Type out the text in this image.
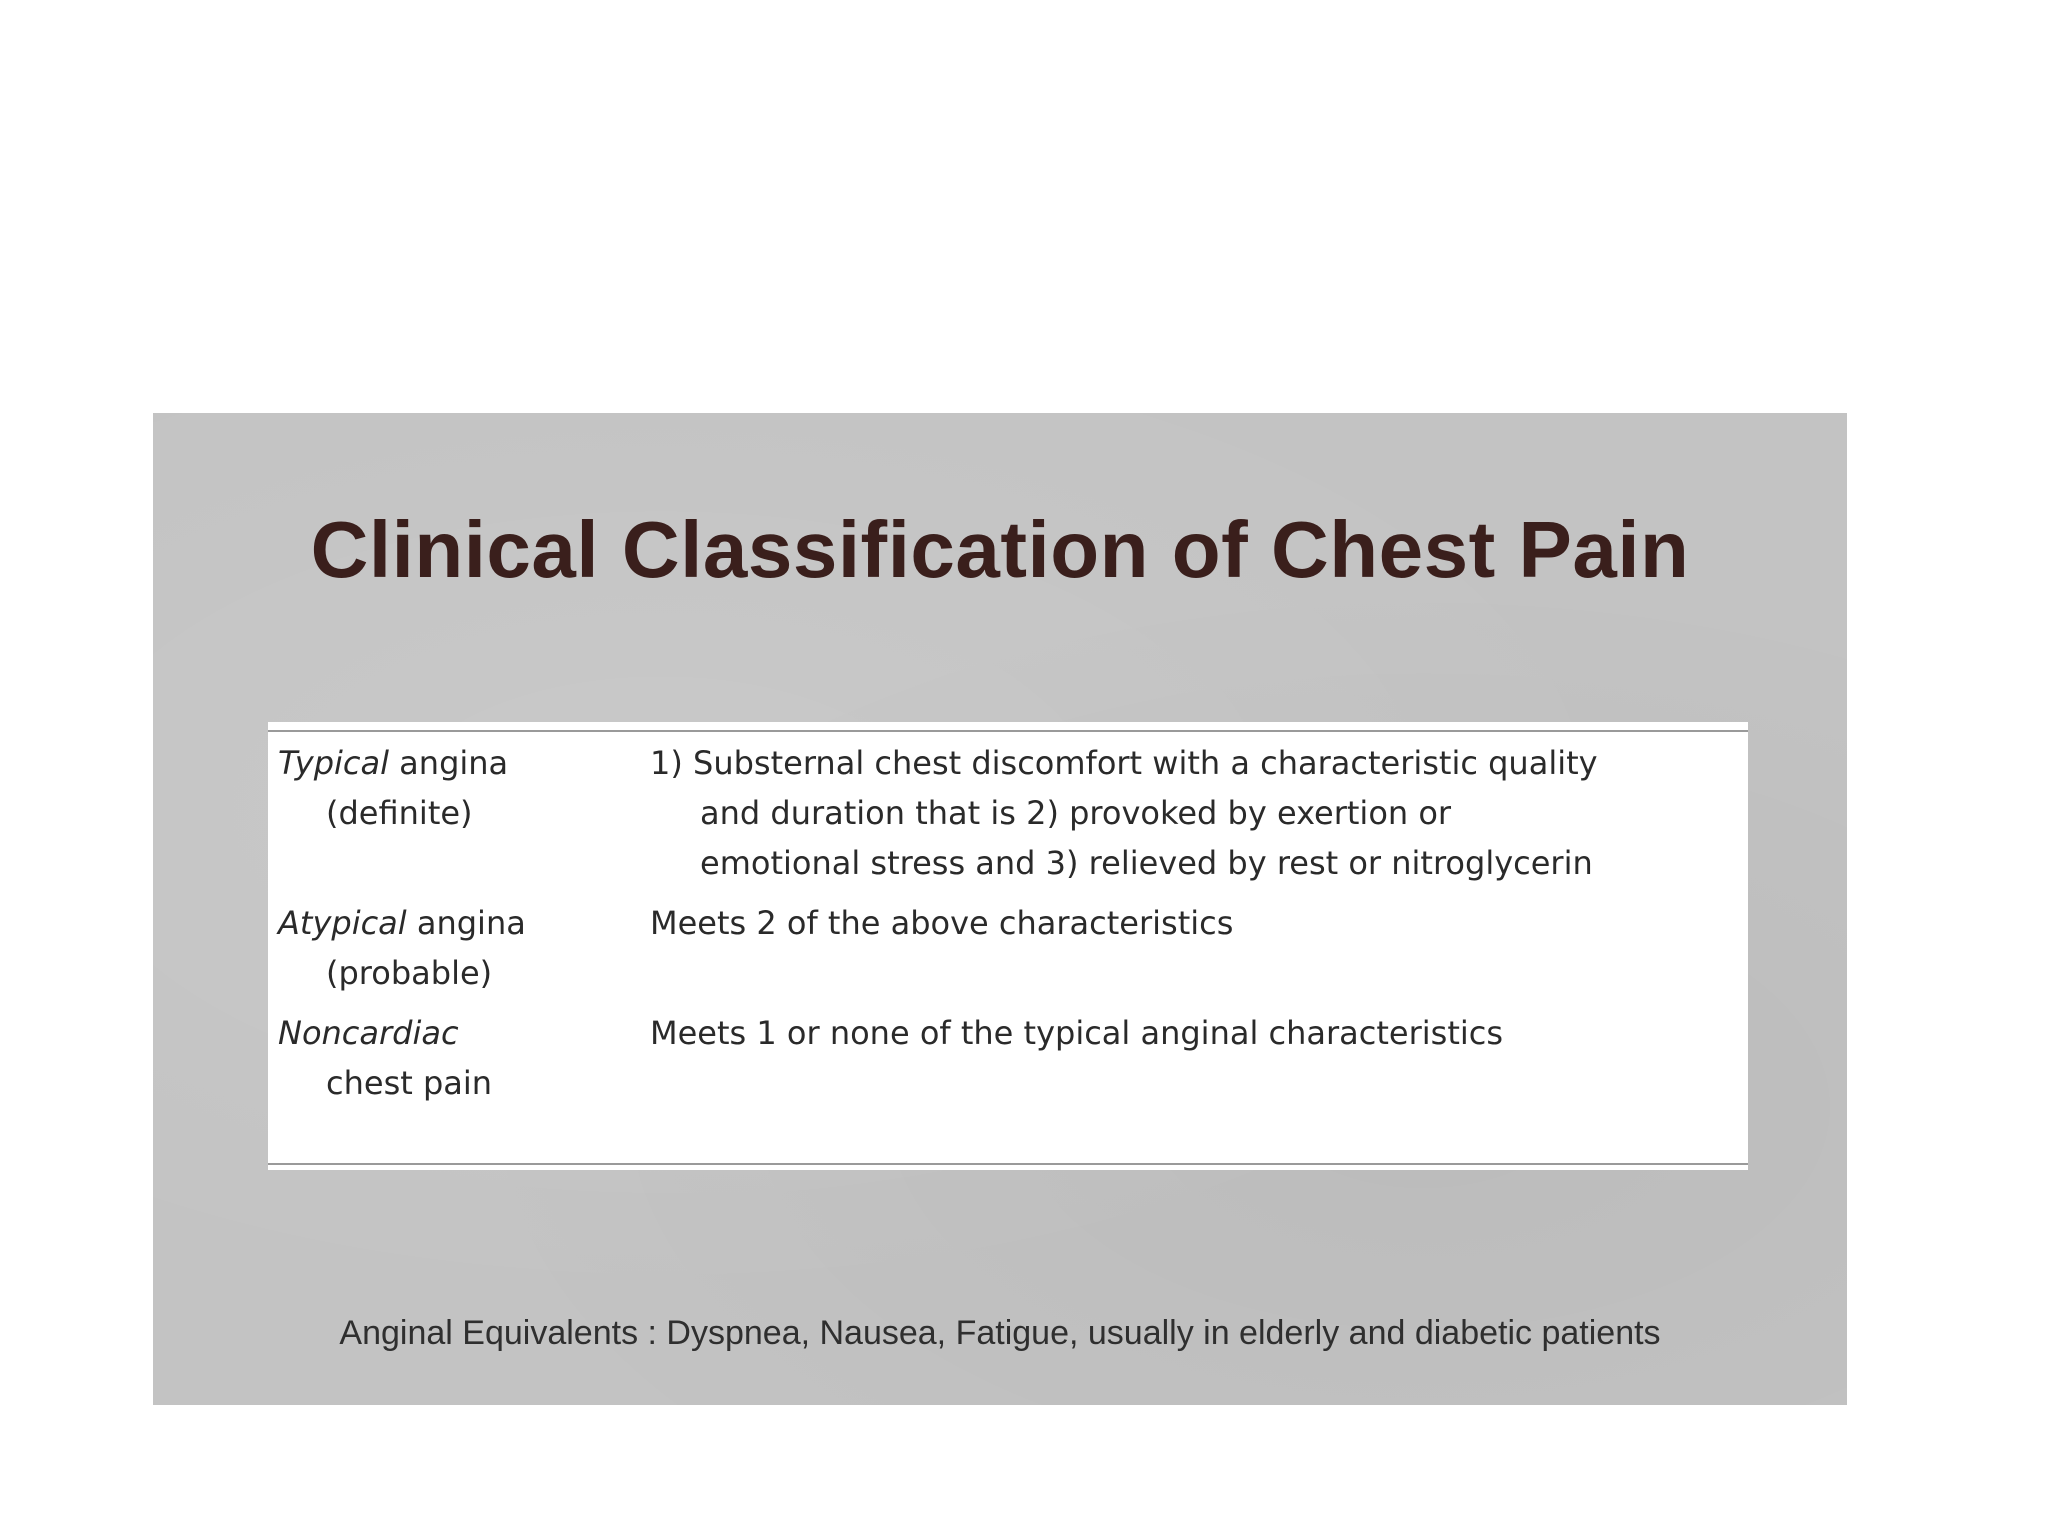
Clinical Classification of Chest Pain
Typical angina
(definite)
1) Substernal chest discomfort with a characteristic quality
and duration that is 2) provoked by exertion or
emotional stress and 3) relieved by rest or nitroglycerin
Atypical angina
(probable)
Meets 2 of the above characteristics
Noncardiac
chest pain
Meets 1 or none of the typical anginal characteristics

Anginal Equivalents : Dyspnea, Nausea, Fatigue, usually in elderly and diabetic patients
